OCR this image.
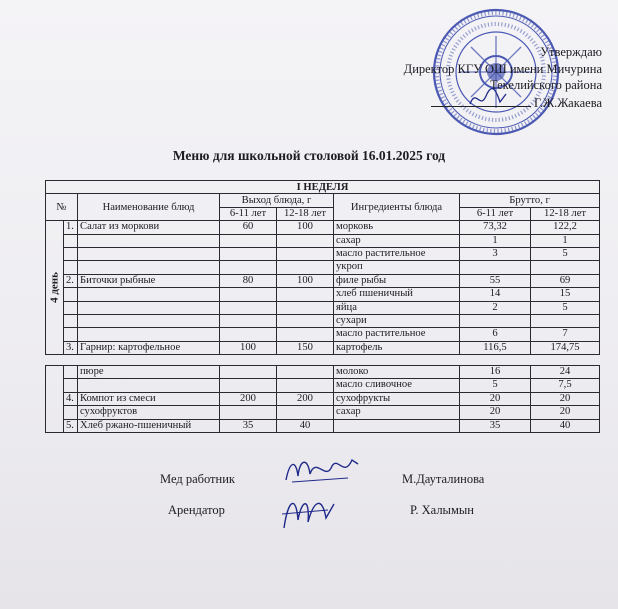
Утверждаю
Директор КГУ ОШ имени Мичурина
Текелийского района
Г.Ж.Жакаева
Меню для школьной столовой 16.01.2025 год
I НЕДЕЛЯ							
№		Наименование блюд	Выход блюда, г		Ингредиенты блюда	Брутто, г	
			6-11 лет	12-18 лет		6-11 лет	12-18 лет
4 день	1.	Салат из моркови	60	100	морковь	73,32	122,2
					сахар	1	1
					масло растительное	3	5
					укроп		
	2.	Биточки рыбные	80	100	филе рыбы	55	69
					хлеб пшеничный	14	15
					яйца	2	5
					сухари		
					масло растительное	6	7
	3.	Гарнир: картофельное	100	150	картофель	116,5	174,75
		пюре			молоко	16	24
					масло сливочное	5	7,5
	4.	Компот из смеси	200	200	сухофрукты	20	20
		сухофруктов			сахар	20	20
	5.	Хлеб ржано-пшеничный	35	40		35	40
Мед работник	М.Дауталинова
Арендатор	Р. Халымын
